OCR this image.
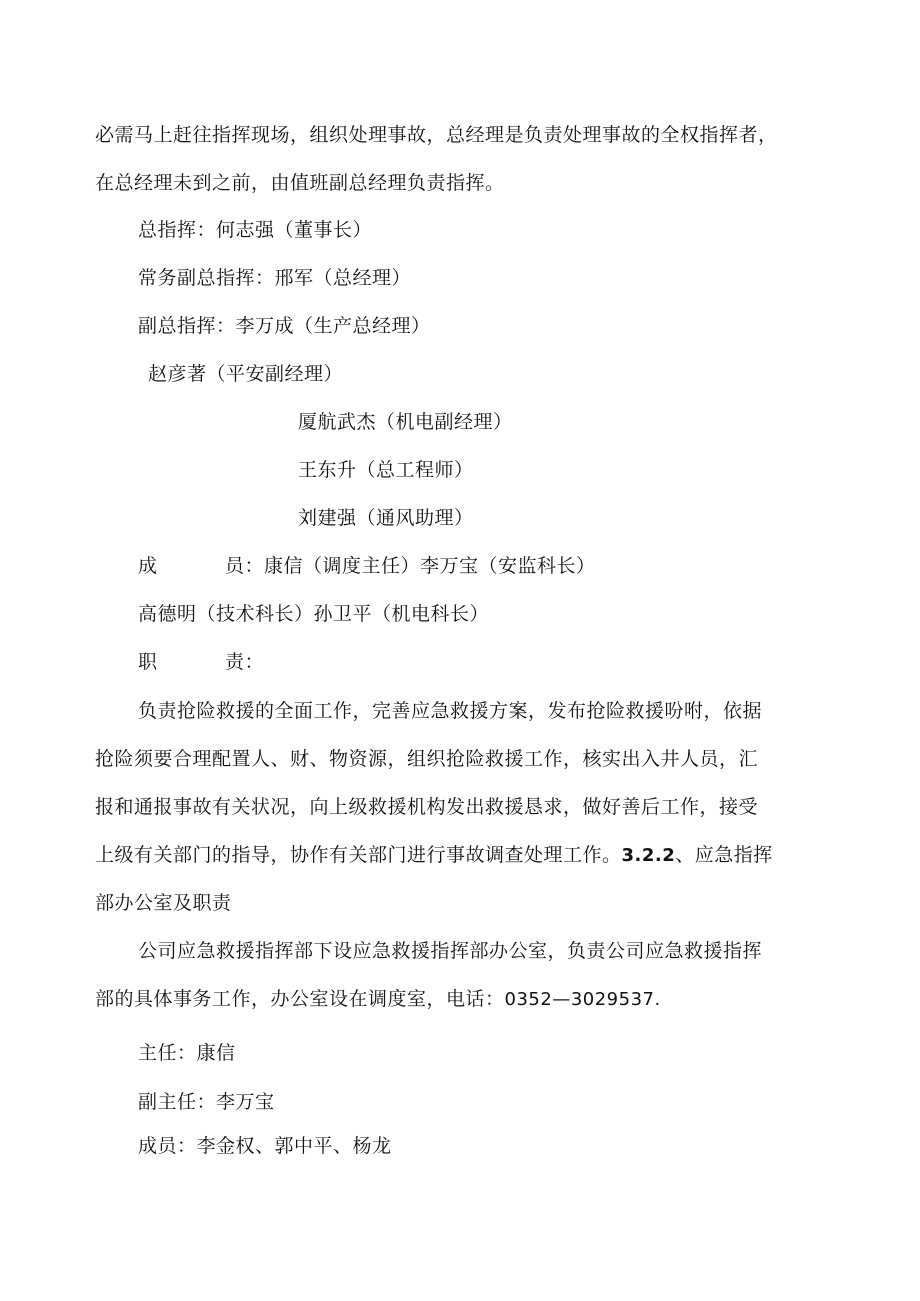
必需马上赶往指挥现场，组织处理事故，总经理是负责处理事故的全权指挥者，
在总经理未到之前，由值班副总经理负责指挥。
总指挥：何志强（董事长）
常务副总指挥：邢军（总经理）
副总指挥：李万成（生产总经理）
赵彦著（平安副经理）
厦航武杰（机电副经理）
王东升（总工程师）
刘建强（通风助理）
成	员：康信（调度主任）李万宝（安监科长）
高德明（技术科长）孙卫平（机电科长）
职	责：
负责抢险救援的全面工作，完善应急救援方案，发布抢险救援吩咐，依据
抢险须要合理配置人、财、物资源，组织抢险救援工作，核实出入井人员，汇
报和通报事故有关状况，向上级救援机构发出救援恳求，做好善后工作，接受
上级有关部门的指导，协作有关部门进行事故调查处理工作。3.2.2、应急指挥
部办公室及职责
公司应急救援指挥部下设应急救援指挥部办公室，负责公司应急救援指挥
部的具体事务工作，办公室设在调度室，电话：0352—3029537.
主任：康信
副主任：李万宝
成员：李金权、郭中平、杨龙
